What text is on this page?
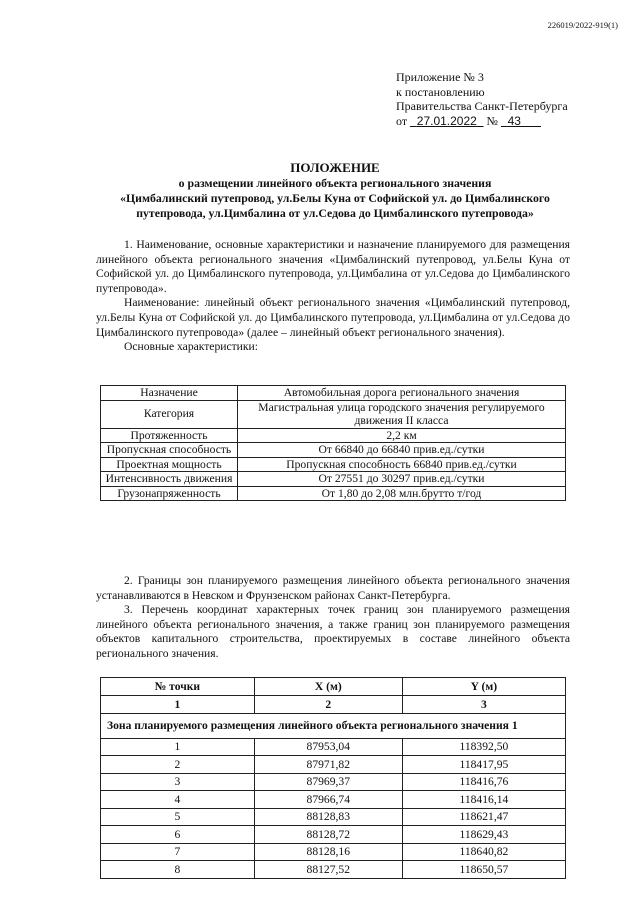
226019/2022-919(1)
Приложение № 3
к постановлению
Правительства Санкт-Петербурга
от 27.01.2022 № 43
ПОЛОЖЕНИЕ
о размещении линейного объекта регионального значения
«Цимбалинский путепровод, ул.Белы Куна от Софийской ул. до Цимбалинского путепровода, ул.Цимбалина от ул.Седова до Цимбалинского путепровода»

1. Наименование, основные характеристики и назначение планируемого для размещения линейного объекта регионального значения «Цимбалинский путепровод, ул.Белы Куна от Софийской ул. до Цимбалинского путепровода, ул.Цимбалина от ул.Седова до Цимбалинского путепровода».

Наименование: линейный объект регионального значения «Цимбалинский путепровод, ул.Белы Куна от Софийской ул. до Цимбалинского путепровода, ул.Цимбалина от ул.Седова до Цимбалинского путепровода» (далее – линейный объект регионального значения).

Основные характеристики:

Назначение	Автомобильная дорога регионального значения
Категория	Магистральная улица городского значения регулируемого движения II класса
Протяженность	2,2 км
Пропускная способность	От 66840 до 66840 прив.ед./сутки
Проектная мощность	Пропускная способность 66840 прив.ед./сутки
Интенсивность движения	От 27551 до 30297 прив.ед./сутки
Грузонапряженность	От 1,80 до 2,08 млн.брутто т/год

2. Границы зон планируемого размещения линейного объекта регионального значения устанавливаются в Невском и Фрунзенском районах Санкт-Петербурга.

3. Перечень координат характерных точек границ зон планируемого размещения линейного объекта регионального значения, а также границ зон планируемого размещения объектов капитального строительства, проектируемых в составе линейного объекта регионального значения.

№ точки	X (м)	Y (м)
1	2	3
Зона планируемого размещения линейного объекта регионального значения 1		
1	87953,04	118392,50
2	87971,82	118417,95
3	87969,37	118416,76
4	87966,74	118416,14
5	88128,83	118621,47
6	88128,72	118629,43
7	88128,16	118640,82
8	88127,52	118650,57
